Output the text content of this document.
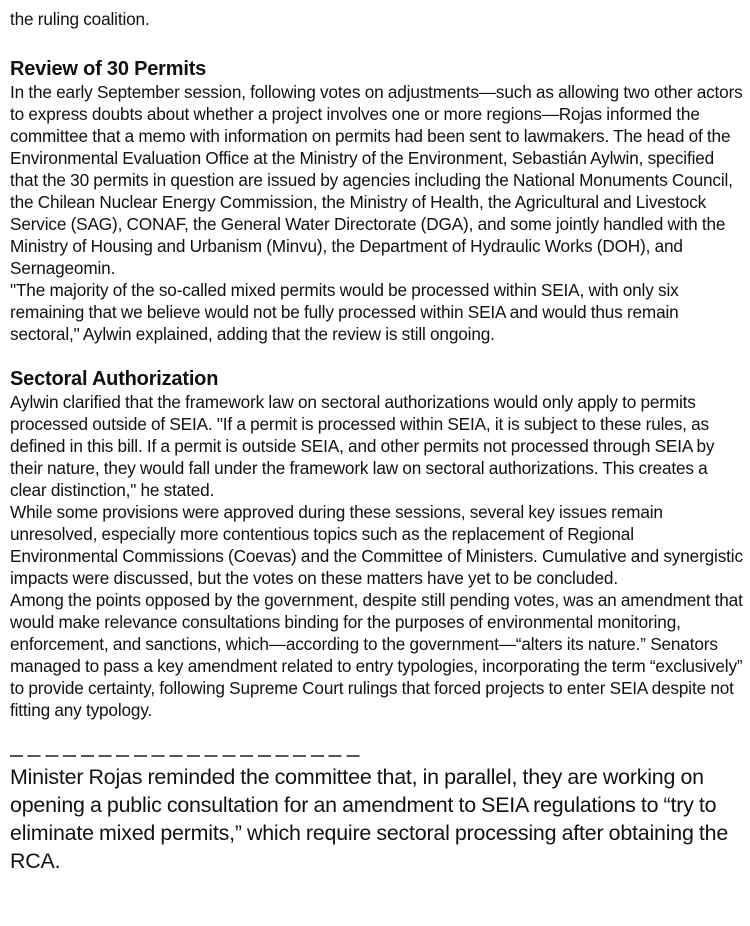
the ruling coalition.

Review of 30 Permits

In the early September session, following votes on adjustments—such as allowing two other actors to express doubts about whether a project involves one or more regions—Rojas informed the committee that a memo with information on permits had been sent to lawmakers. The head of the Environmental Evaluation Office at the Ministry of the Environment, Sebastián Aylwin, specified that the 30 permits in question are issued by agencies including the National Monuments Council, the Chilean Nuclear Energy Commission, the Ministry of Health, the Agricultural and Livestock Service (SAG), CONAF, the General Water Directorate (DGA), and some jointly handled with the Ministry of Housing and Urbanism (Minvu), the Department of Hydraulic Works (DOH), and Sernageomin.

"The majority of the so-called mixed permits would be processed within SEIA, with only six remaining that we believe would not be fully processed within SEIA and would thus remain sectoral," Aylwin explained, adding that the review is still ongoing.

Sectoral Authorization

Aylwin clarified that the framework law on sectoral authorizations would only apply to permits processed outside of SEIA. "If a permit is processed within SEIA, it is subject to these rules, as defined in this bill. If a permit is outside SEIA, and other permits not processed through SEIA by their nature, they would fall under the framework law on sectoral authorizations. This creates a clear distinction," he stated.

While some provisions were approved during these sessions, several key issues remain unresolved, especially more contentious topics such as the replacement of Regional Environmental Commissions (Coevas) and the Committee of Ministers. Cumulative and synergistic impacts were discussed, but the votes on these matters have yet to be concluded.

Among the points opposed by the government, despite still pending votes, was an amendment that would make relevance consultations binding for the purposes of environmental monitoring, enforcement, and sanctions, which—according to the government—“alters its nature.” Senators managed to pass a key amendment related to entry typologies, incorporating the term “exclusively” to provide certainty, following Supreme Court rulings that forced projects to enter SEIA despite not fitting any typology.

Minister Rojas reminded the committee that, in parallel, they are working on opening a public consultation for an amendment to SEIA regulations to “try to eliminate mixed permits,” which require sectoral processing after obtaining the RCA.
